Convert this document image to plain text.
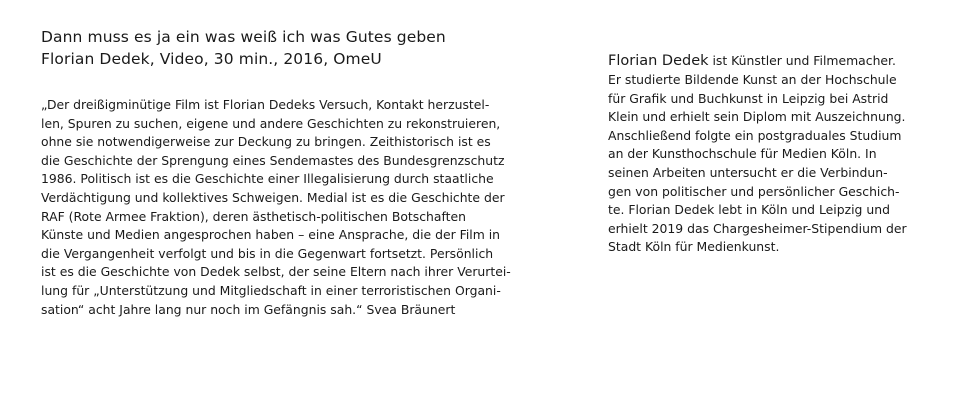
Dann muss es ja ein was weiß ich was Gutes geben

Florian Dedek, Video, 30 min., 2016, OmeU

„Der dreißigminütige Film ist Florian Dedeks Versuch, Kontakt herzustel-

len, Spuren zu suchen, eigene und andere Geschichten zu rekonstruieren,

ohne sie notwendigerweise zur Deckung zu bringen. Zeithistorisch ist es

die Geschichte der Sprengung eines Sendemastes des Bundesgrenzschutz

1986. Politisch ist es die Geschichte einer Illegalisierung durch staatliche

Verdächtigung und kollektives Schweigen. Medial ist es die Geschichte der

RAF (Rote Armee Fraktion), deren ästhetisch-politischen Botschaften

Künste und Medien angesprochen haben – eine Ansprache, die der Film in

die Vergangenheit verfolgt und bis in die Gegenwart fortsetzt. Persönlich

ist es die Geschichte von Dedek selbst, der seine Eltern nach ihrer Verurtei-

lung für „Unterstützung und Mitgliedschaft in einer terroristischen Organi-

sation“ acht Jahre lang nur noch im Gefängnis sah.“ Svea Bräunert

Florian Dedek ist Künstler und Filmemacher.

Er studierte Bildende Kunst an der Hochschule

für Grafik und Buchkunst in Leipzig bei Astrid

Klein und erhielt sein Diplom mit Auszeichnung.

Anschließend folgte ein postgraduales Studium

an der Kunsthochschule für Medien Köln. In

seinen Arbeiten untersucht er die Verbindun-

gen von politischer und persönlicher Geschich-

te. Florian Dedek lebt in Köln und Leipzig und

erhielt 2019 das Chargesheimer-Stipendium der

Stadt Köln für Medienkunst.
